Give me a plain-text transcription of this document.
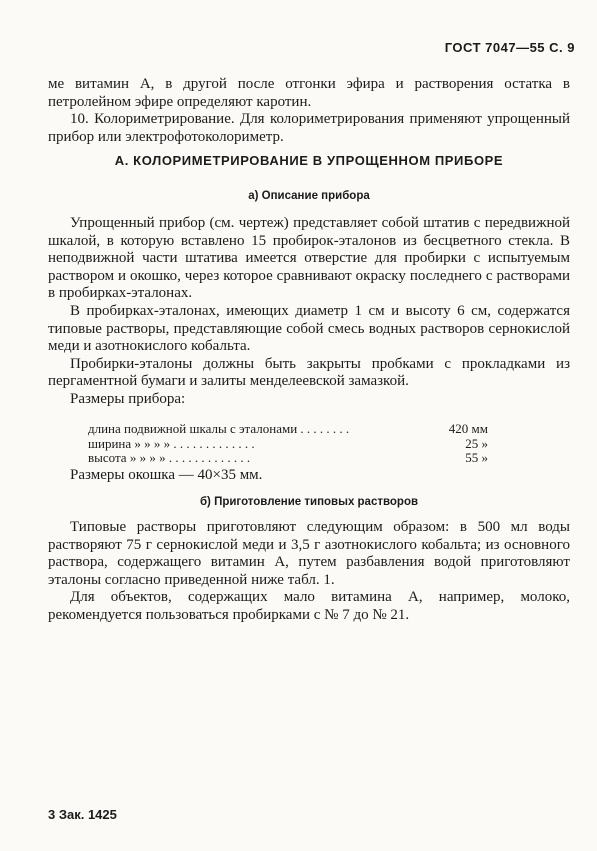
ГОСТ 7047—55 С. 9

ме витамин А, в другой после отгонки эфира и растворения остатка в петролейном эфире определяют каротин.

10. Колориметрирование. Для колориметрирования применяют упрощенный прибор или электрофотоколориметр.

А. КОЛОРИМЕТРИРОВАНИЕ В УПРОЩЕННОМ ПРИБОРЕ
а) Описание прибора

Упрощенный прибор (см. чертеж) представляет собой штатив с передвижной шкалой, в которую вставлено 15 пробирок-эталонов из бесцветного стекла. В неподвижной части штатива имеется отверстие для пробирки с испытуемым раствором и окошко, через которое сравнивают окраску последнего с растворами в пробирках-эталонах.

В пробирках-эталонах, имеющих диаметр 1 см и высоту 6 см, содержатся типовые растворы, представляющие собой смесь водных растворов сернокислой меди и азотнокислого кобальта.

Пробирки-эталоны должны быть закрыты пробками с прокладками из пергаментной бумаги и залиты менделеевской замазкой.

Размеры прибора:

длина подвижной шкалы с эталонами . . . . . . . .	420 мм
ширина » » » » . . . . . . . . . . . . .	25 »
высота » » » » . . . . . . . . . . . . .	55 »

Размеры окошка — 40×35 мм.

б) Приготовление типовых растворов

Типовые растворы приготовляют следующим образом: в 500 мл воды растворяют 75 г сернокислой меди и 3,5 г азотнокислого кобальта; из основного раствора, содержащего витамин А, путем разбавления водой приготовляют эталоны согласно приведенной ниже табл. 1.

Для объектов, содержащих мало витамина А, например, молоко, рекомендуется пользоваться пробирками с № 7 до № 21.

3 Зак. 1425
